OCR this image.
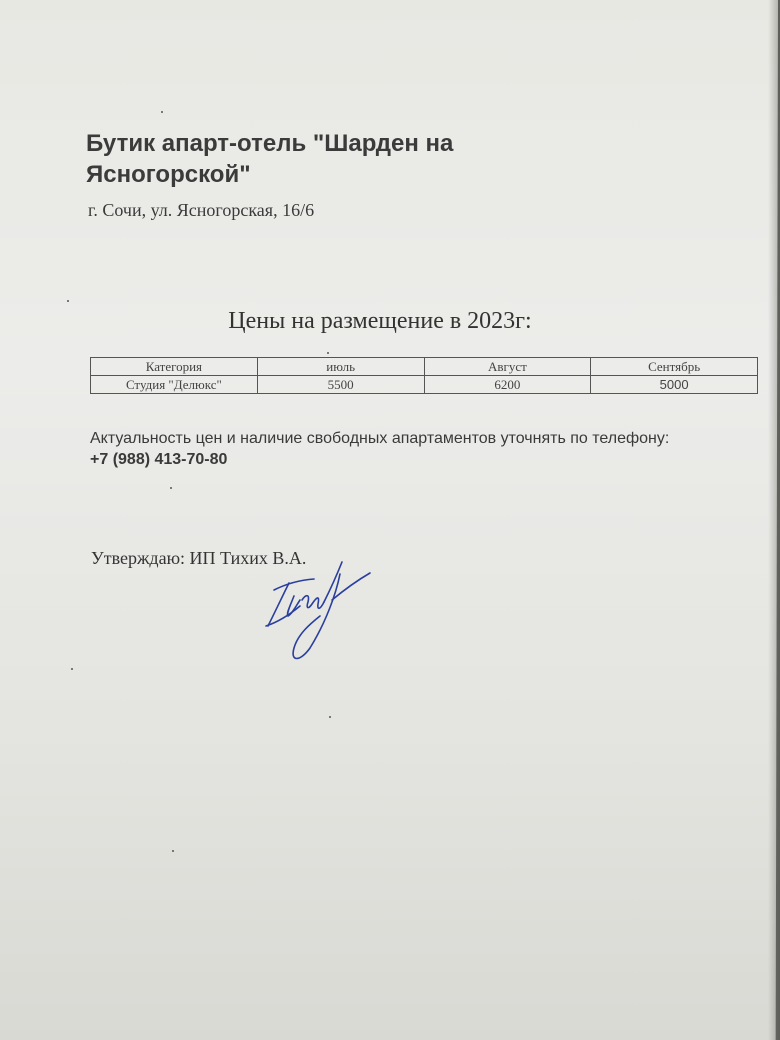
Бутик апарт-отель "Шарден на Ясногорской"
г. Сочи, ул. Ясногорская, 16/6
Цены на размещение в 2023г:
Категория	июль	Август	Сентябрь
Студия "Делюкс"	5500	6200	5000
Актуальность цен и наличие свободных апартаментов уточнять по телефону: +7 (988) 413-70-80
Утверждаю: ИП Тихих В.А.
